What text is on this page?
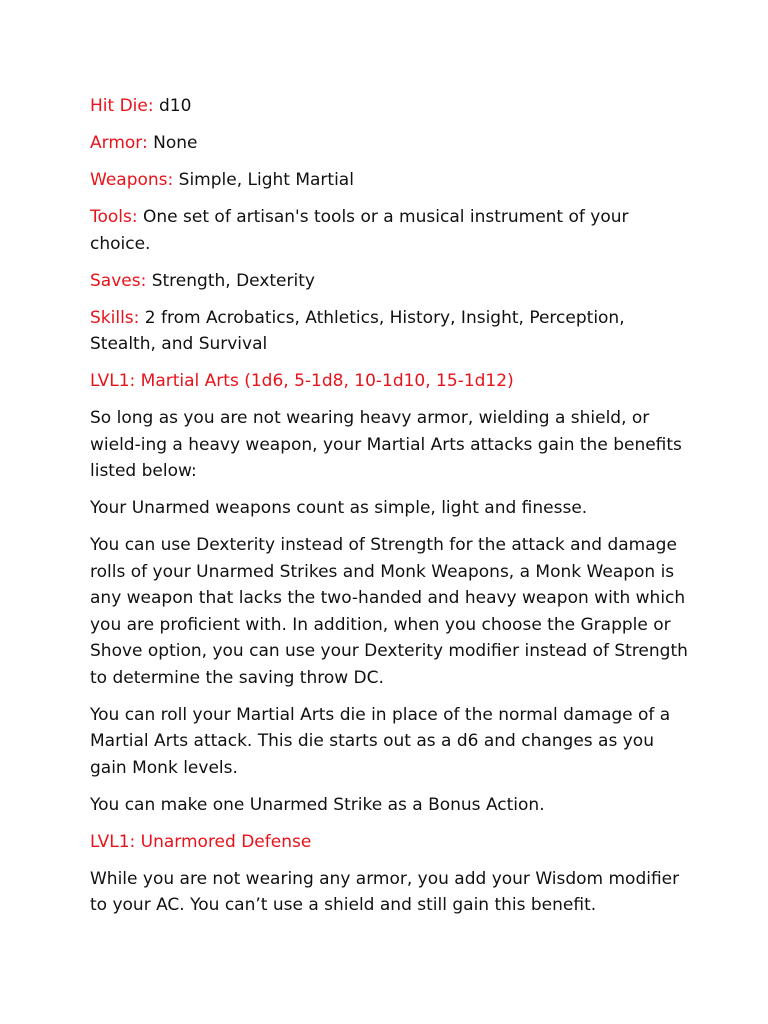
Hit Die: d10
Armor: None
Weapons: Simple, Light Martial
Tools: One set of artisan's tools or a musical instrument of your choice.
Saves: Strength, Dexterity
Skills: 2 from Acrobatics, Athletics, History, Insight, Perception, Stealth, and Survival
LVL1: Martial Arts (1d6, 5-1d8, 10-1d10, 15-1d12)

So long as you are not wearing heavy armor, wielding a shield, or wield-ing a heavy weapon, your Martial Arts attacks gain the benefits listed below:

Your Unarmed weapons count as simple, light and finesse.

You can use Dexterity instead of Strength for the attack and damage rolls of your Unarmed Strikes and Monk Weapons, a Monk Weapon is any weapon that lacks the two-handed and heavy weapon with which you are proficient with. In addition, when you choose the Grapple or Shove option, you can use your Dexterity modifier instead of Strength to determine the saving throw DC.

You can roll your Martial Arts die in place of the normal damage of a Martial Arts attack. This die starts out as a d6 and changes as you gain Monk levels.

You can make one Unarmed Strike as a Bonus Action.

LVL1: Unarmored Defense

While you are not wearing any armor, you add your Wisdom modifier to your AC. You can’t use a shield and still gain this benefit.
